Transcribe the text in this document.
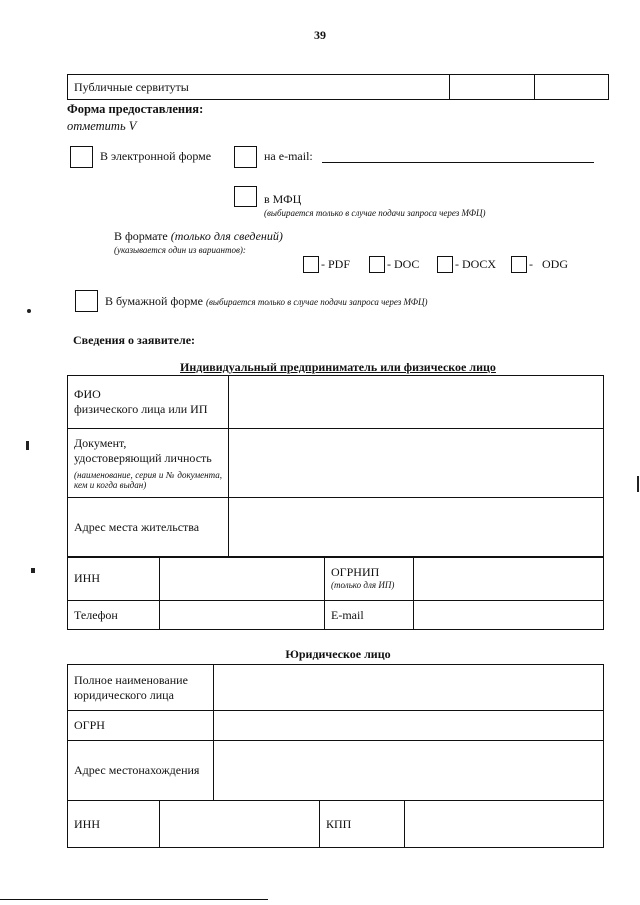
39
Публичные сервитуты		
Форма предоставления:
отметить V
В электронной форме	на e-mail:
в МФЦ
(выбирается только в случае подачи запроса через МФЦ)
В формате (только для сведений)
(указывается один из вариантов):
- PDF	- DOC	- DOCX	-   ODG
В бумажной форме (выбирается только в случае подачи запроса через МФЦ)
Сведения о заявителе:
Индивидуальный предприниматель или физическое лицо
ФИО
физического лица или ИП	

Документ,
удостоверяющий личность
(наименование, серия и № документа, кем и когда выдан)	

Адрес места жительства	
ИНН		ОГРНИП
(только для ИП)	

Телефон		E-mail	
Юридическое лицо
Полное наименование
юридического лица	

ОГРН	
Адрес местонахождения	
ИНН		КПП	
